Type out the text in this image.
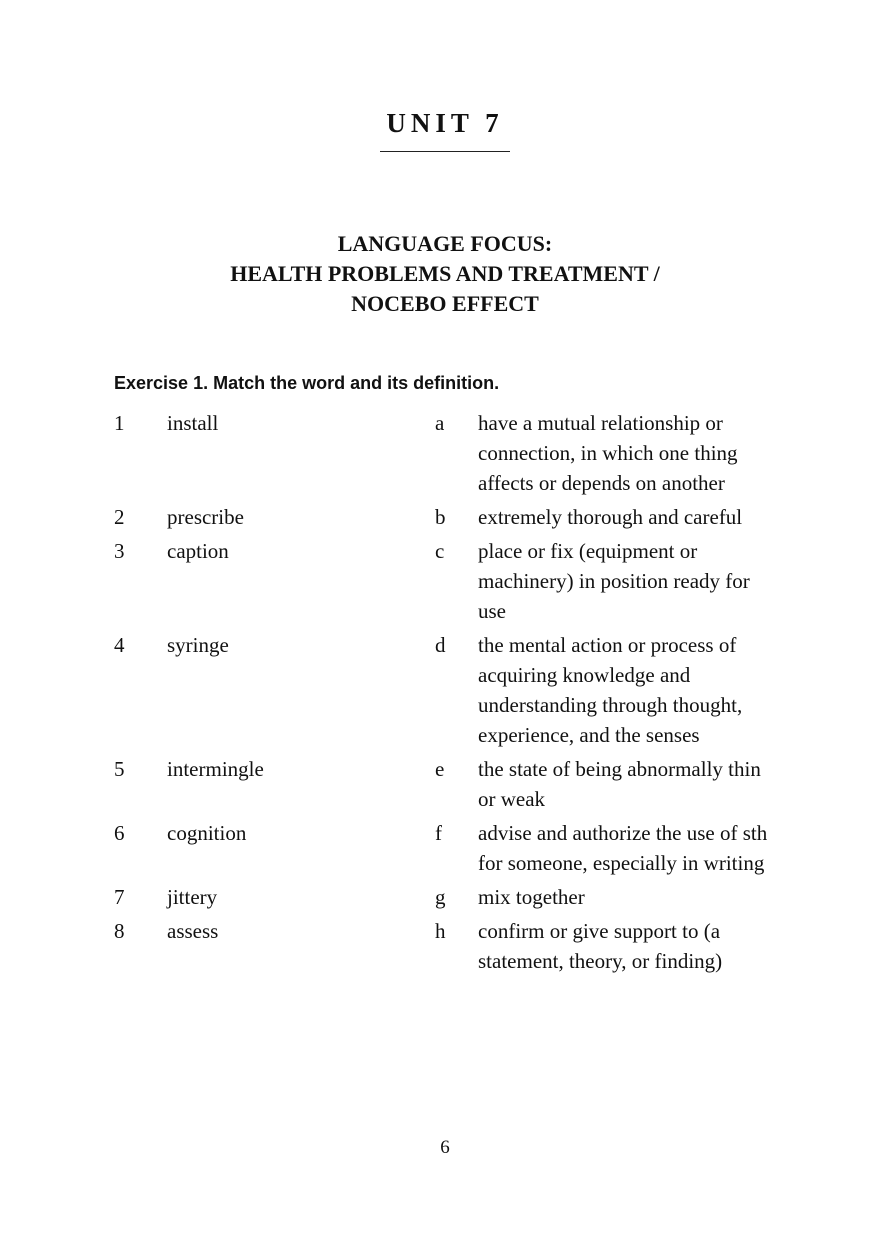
UNIT 7
LANGUAGE FOCUS:
HEALTH PROBLEMS AND TREATMENT /
NOCEBO EFFECT
Exercise 1. Match the word and its definition.
1 install	a have a mutual relationship or connection, in which one thing affects or depends on another
2 prescribe	b extremely thorough and careful
3 caption	c place or fix (equipment or machinery) in position ready for use
4 syringe	d the mental action or process of acquiring knowledge and understanding through thought, experience, and the senses
5 intermingle	e the state of being abnormally thin or weak
6 cognition	f advise and authorize the use of sth for someone, especially in writing
7 jittery	g mix together
8 assess	h confirm or give support to (a statement, theory, or finding)
6
